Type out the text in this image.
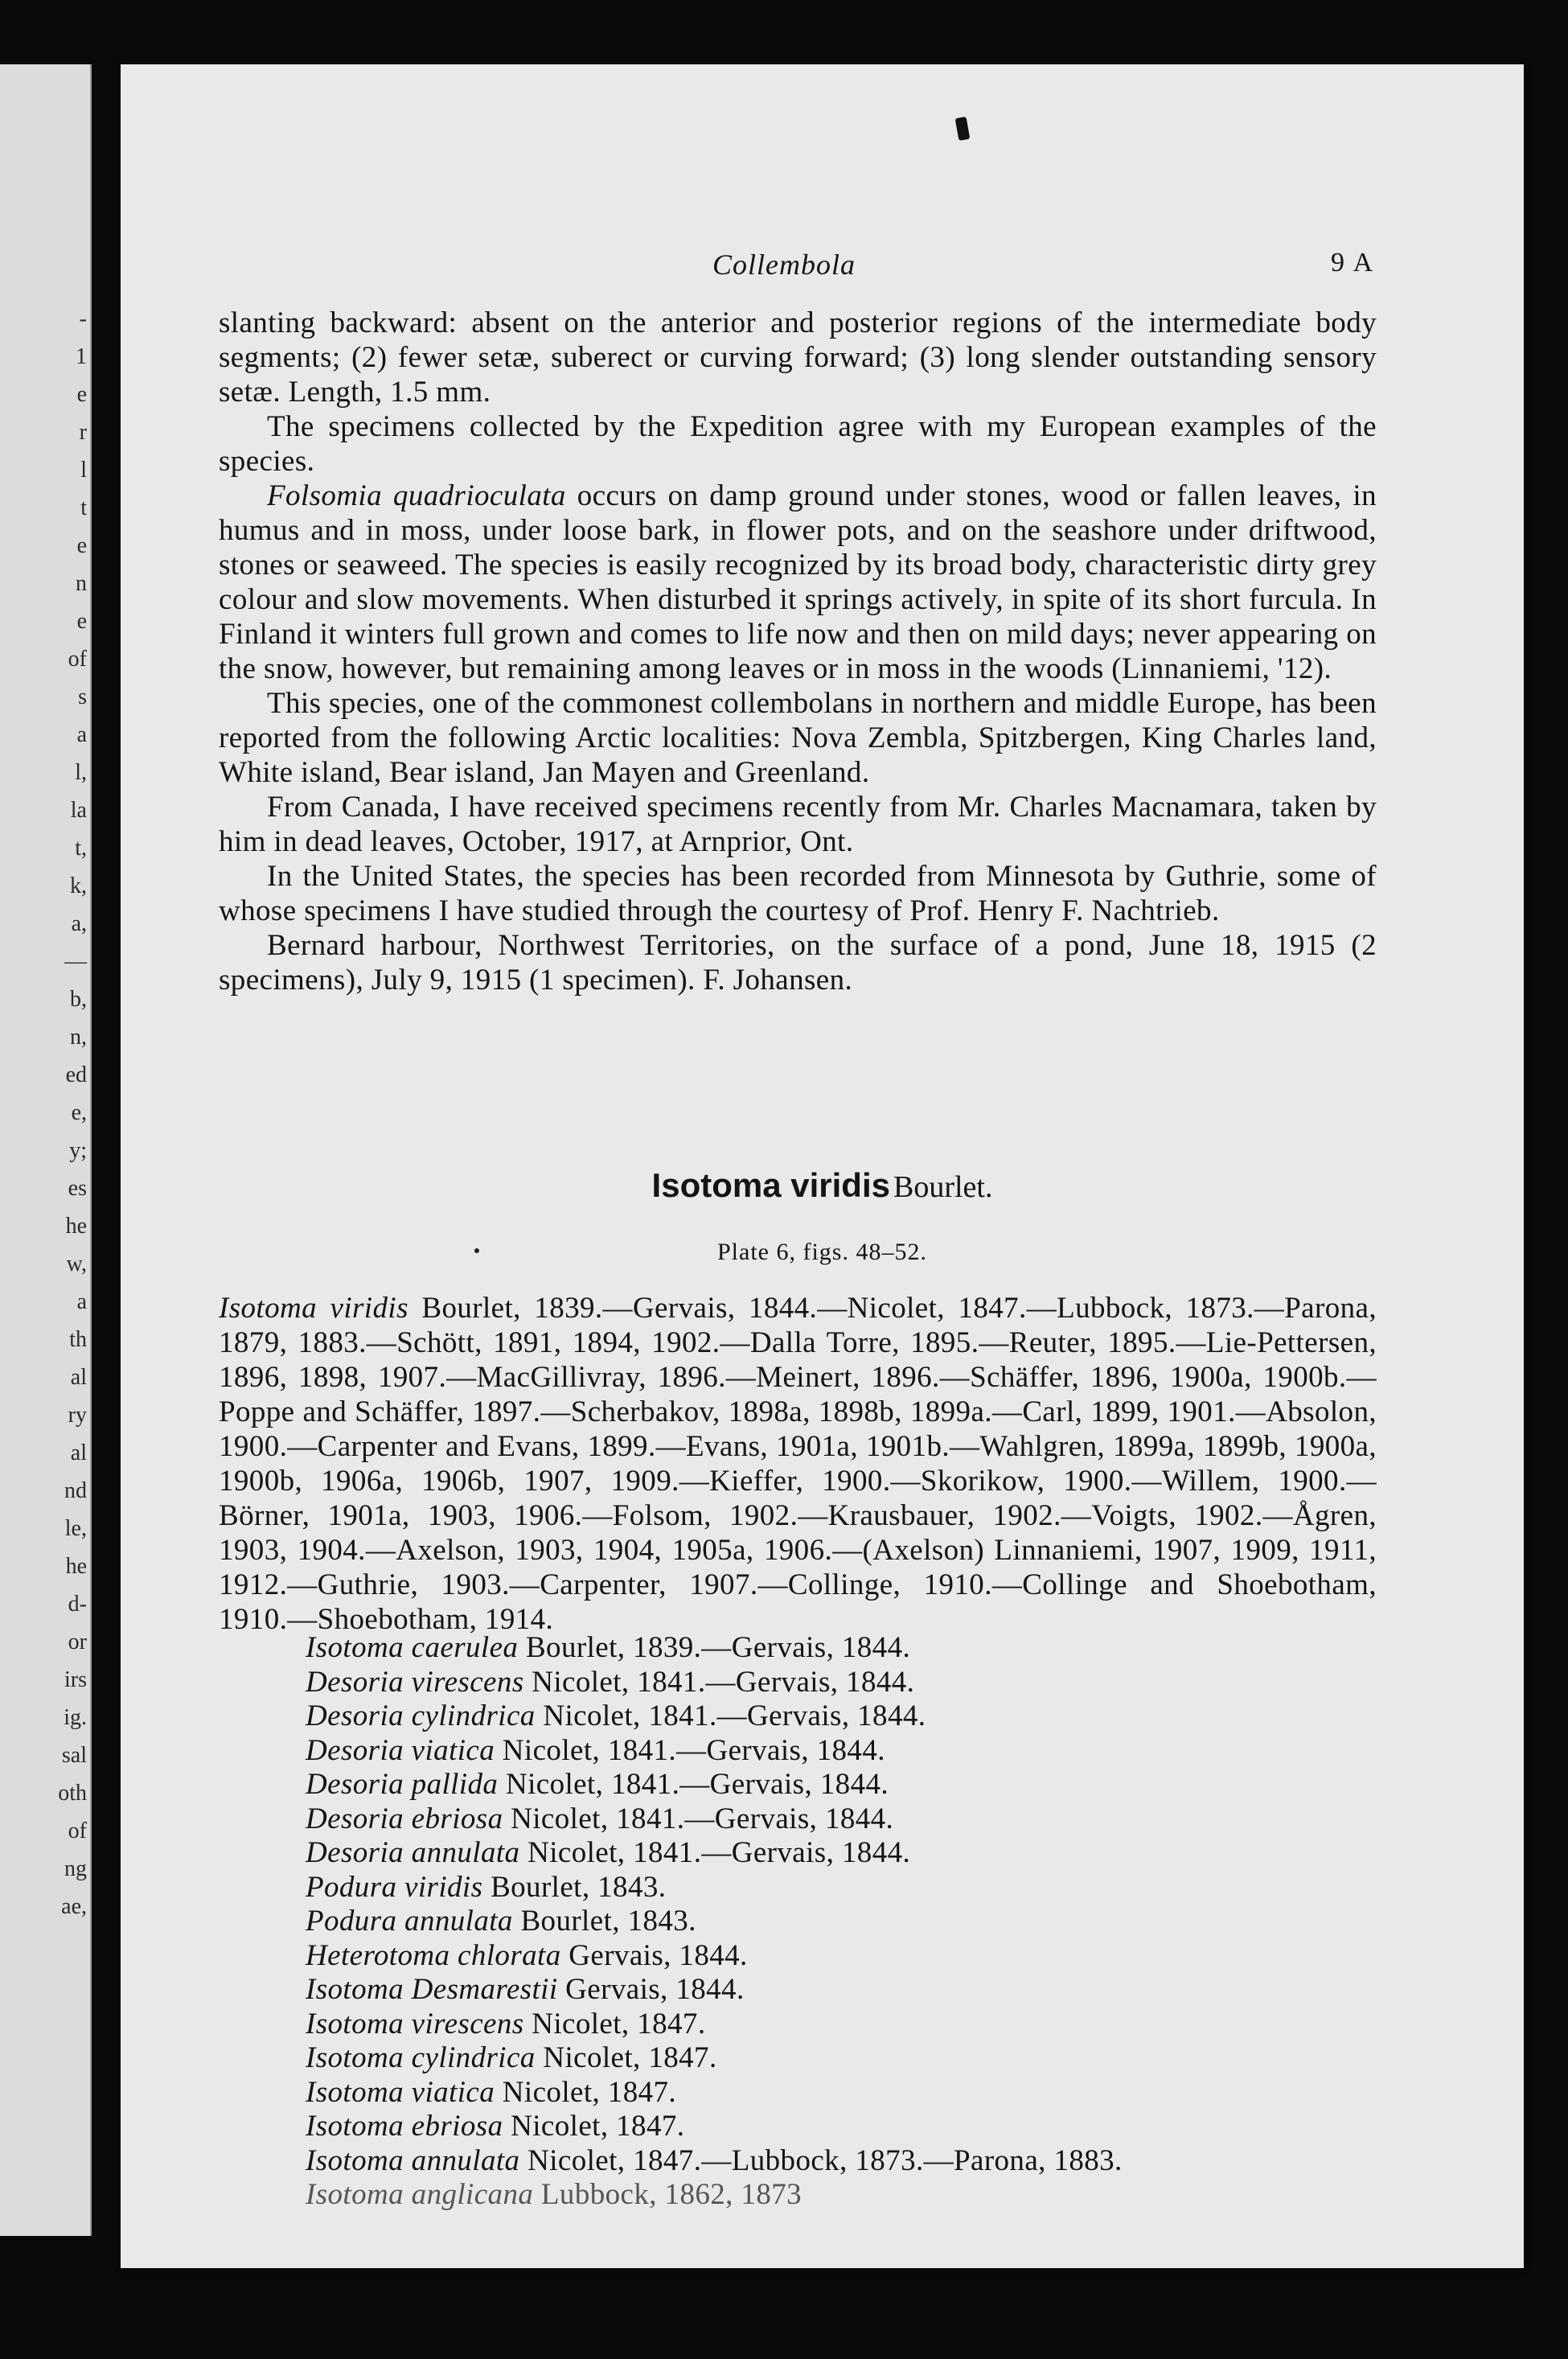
-
1
e
r
l
t
e
n
e
of
s
a
l,
la
t,
k,
a,
—
b,
n,
ed
e,
y;
es
he
w,
a
th
al
ry
al
nd
le,
he
d-
or
irs
ig.
sal
oth
of
ng
ae,
Collembola	9 A

slanting backward: absent on the anterior and posterior regions of the intermediate body segments; (2) fewer setæ, suberect or curving forward; (3) long slender outstanding sensory setæ. Length, 1.5 mm.

The specimens collected by the Expedition agree with my European examples of the species.

Folsomia quadrioculata occurs on damp ground under stones, wood or fallen leaves, in humus and in moss, under loose bark, in flower pots, and on the seashore under driftwood, stones or seaweed. The species is easily recognized by its broad body, characteristic dirty grey colour and slow movements. When disturbed it springs actively, in spite of its short furcula. In Finland it winters full grown and comes to life now and then on mild days; never appearing on the snow, however, but remaining among leaves or in moss in the woods (Linnaniemi, '12).

This species, one of the commonest collembolans in northern and middle Europe, has been reported from the following Arctic localities: Nova Zembla, Spitzbergen, King Charles land, White island, Bear island, Jan Mayen and Greenland.

From Canada, I have received specimens recently from Mr. Charles Macnamara, taken by him in dead leaves, October, 1917, at Arnprior, Ont.

In the United States, the species has been recorded from Minnesota by Guthrie, some of whose specimens I have studied through the courtesy of Prof. Henry F. Nachtrieb.

Bernard harbour, Northwest Territories, on the surface of a pond, June 18, 1915 (2 specimens), July 9, 1915 (1 specimen). F. Johansen.

Isotoma viridis Bourlet.
Plate 6, figs. 48–52.

Isotoma viridis Bourlet, 1839.—Gervais, 1844.—Nicolet, 1847.—Lubbock, 1873.—Parona, 1879, 1883.—Schött, 1891, 1894, 1902.—Dalla Torre, 1895.—Reuter, 1895.—Lie-Pettersen, 1896, 1898, 1907.—MacGillivray, 1896.—Meinert, 1896.—Schäffer, 1896, 1900a, 1900b.—Poppe and Schäffer, 1897.—Scherbakov, 1898a, 1898b, 1899a.—Carl, 1899, 1901.—Absolon, 1900.—Carpenter and Evans, 1899.—Evans, 1901a, 1901b.—Wahlgren, 1899a, 1899b, 1900a, 1900b, 1906a, 1906b, 1907, 1909.—Kieffer, 1900.—Skorikow, 1900.—Willem, 1900.—Börner, 1901a, 1903, 1906.—Folsom, 1902.—Krausbauer, 1902.—Voigts, 1902.—Ågren, 1903, 1904.—Axelson, 1903, 1904, 1905a, 1906.—(Axelson) Linnaniemi, 1907, 1909, 1911, 1912.—Guthrie, 1903.—Carpenter, 1907.—Collinge, 1910.—Collinge and Shoebotham, 1910.—Shoebotham, 1914.

Isotoma caerulea Bourlet, 1839.—Gervais, 1844.
Desoria virescens Nicolet, 1841.—Gervais, 1844.
Desoria cylindrica Nicolet, 1841.—Gervais, 1844.
Desoria viatica Nicolet, 1841.—Gervais, 1844.
Desoria pallida Nicolet, 1841.—Gervais, 1844.
Desoria ebriosa Nicolet, 1841.—Gervais, 1844.
Desoria annulata Nicolet, 1841.—Gervais, 1844.
Podura viridis Bourlet, 1843.
Podura annulata Bourlet, 1843.
Heterotoma chlorata Gervais, 1844.
Isotoma Desmarestii Gervais, 1844.
Isotoma virescens Nicolet, 1847.
Isotoma cylindrica Nicolet, 1847.
Isotoma viatica Nicolet, 1847.
Isotoma ebriosa Nicolet, 1847.
Isotoma annulata Nicolet, 1847.—Lubbock, 1873.—Parona, 1883.
Isotoma anglicana Lubbock, 1862, 1873
